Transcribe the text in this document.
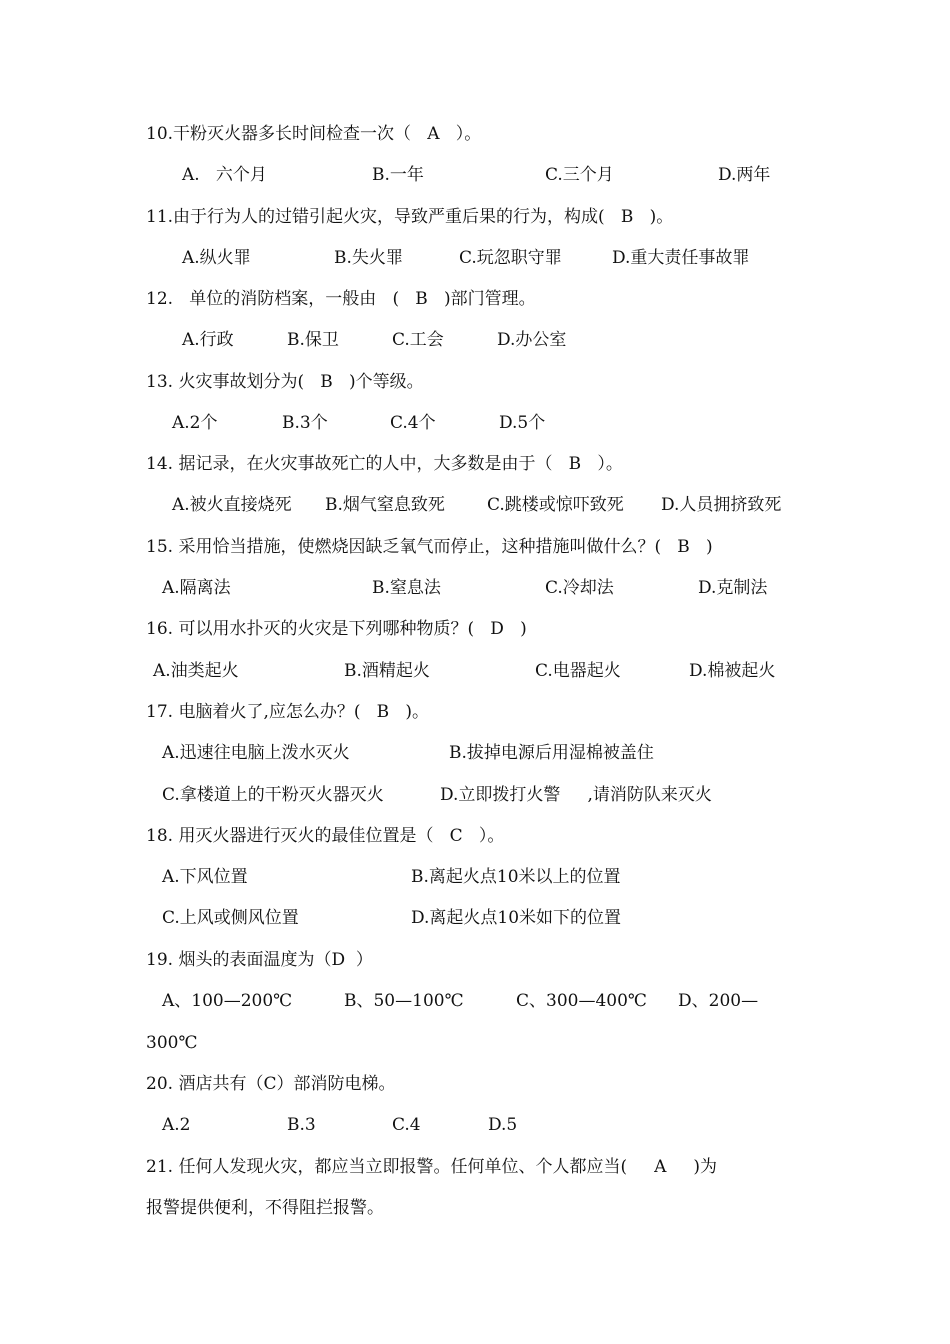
10.干粉灭火器多长时间检查一次（   A   ）。
A.   六个月	B.一年	C.三个月	D.两年
11.由于行为人的过错引起火灾，导致严重后果的行为，构成(   B   )。
A.纵火罪	B.失火罪	C.玩忽职守罪	D.重大责任事故罪
12.   单位的消防档案，一般由   (   B   )部门管理。
A.行政	B.保卫	C.工会	D.办公室
13. 火灾事故划分为(   B   )个等级。
A.2个	B.3个	C.4个	D.5个
14. 据记录，在火灾事故死亡的人中，大多数是由于（   B   ）。
A.被火直接烧死 B.烟气窒息致死 C.跳楼或惊吓致死 D.人员拥挤致死
15. 采用恰当措施，使燃烧因缺乏氧气而停止，这种措施叫做什么？(   B   )
A.隔离法	B.窒息法	C.冷却法	D.克制法
16. 可以用水扑灭的火灾是下列哪种物质？(   D   )
A.油类起火	B.酒精起火	C.电器起火	D.棉被起火
17. 电脑着火了,应怎么办？(   B   )。
A.迅速往电脑上泼水灭火	B.拔掉电源后用湿棉被盖住
C.拿楼道上的干粉灭火器灭火	D.立即拨打火警     ,请消防队来灭火
18. 用灭火器进行灭火的最佳位置是（   C   ）。
A.下风位置	B.离起火点10米以上的位置
C.上风或侧风位置	D.离起火点10米如下的位置
19. 烟头的表面温度为（D  ）
A、100—200℃	B、50—100℃	C、300—400℃ D、200—
300℃
20. 酒店共有（C）部消防电梯。
A.2	B.3	C.4	D.5
21. 任何人发现火灾，都应当立即报警。任何单位、个人都应当(     A     )为
报警提供便利，不得阻拦报警。
